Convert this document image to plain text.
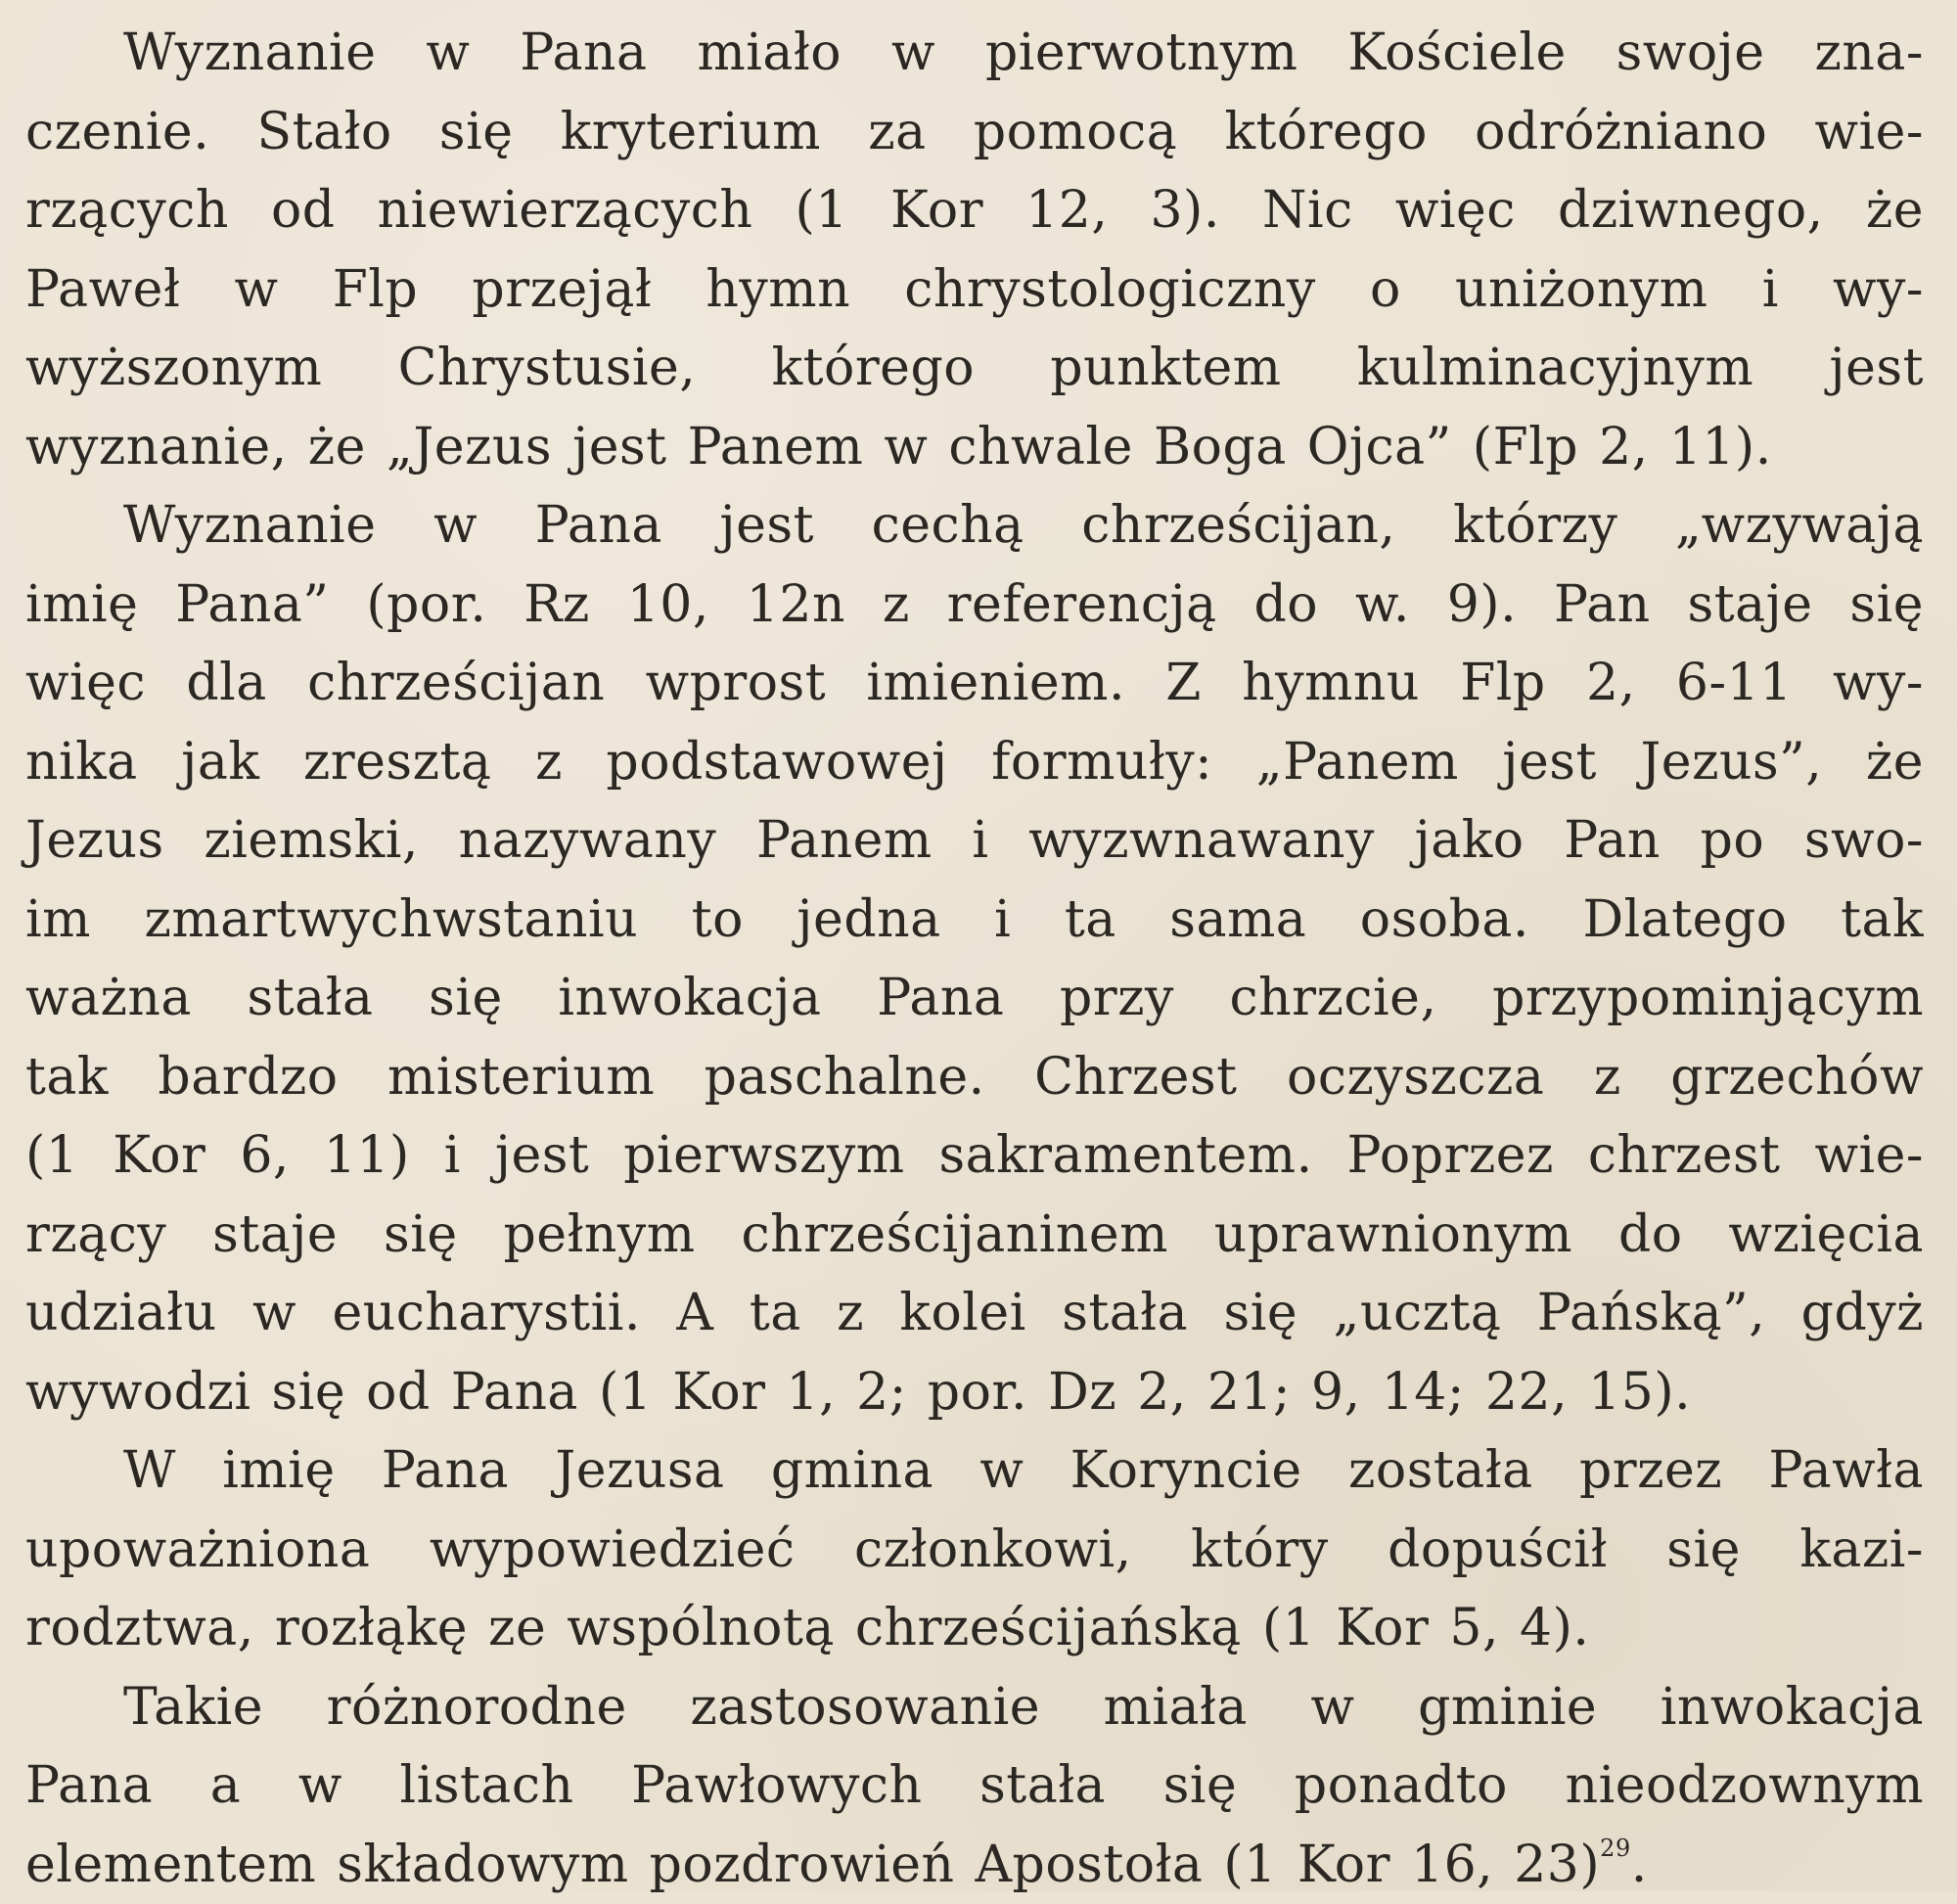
Wyznanie w Pana miało w pierwotnym Kościele swoje zna-
czenie. Stało się kryterium za pomocą którego odróżniano wie-
rzących od niewierzących (1 Kor 12, 3). Nic więc dziwnego, że
Paweł w Flp przejął hymn chrystologiczny o uniżonym i wy-
wyższonym Chrystusie, którego punktem kulminacyjnym jest
wyznanie, że „Jezus jest Panem w chwale Boga Ojca” (Flp 2, 11).
Wyznanie w Pana jest cechą chrześcijan, którzy „wzywają
imię Pana” (por. Rz 10, 12n z referencją do w. 9). Pan staje się
więc dla chrześcijan wprost imieniem. Z hymnu Flp 2, 6-11 wy-
nika jak zresztą z podstawowej formuły: „Panem jest Jezus”, że
Jezus ziemski, nazywany Panem i wyzwnawany jako Pan po swo-
im zmartwychwstaniu to jedna i ta sama osoba. Dlatego tak
ważna stała się inwokacja Pana przy chrzcie, przypominjącym
tak bardzo misterium paschalne. Chrzest oczyszcza z grzechów
(1 Kor 6, 11) i jest pierwszym sakramentem. Poprzez chrzest wie-
rzący staje się pełnym chrześcijaninem uprawnionym do wzięcia
udziału w eucharystii. A ta z kolei stała się „ucztą Pańską”, gdyż
wywodzi się od Pana (1 Kor 1, 2; por. Dz 2, 21; 9, 14; 22, 15).
W imię Pana Jezusa gmina w Koryncie została przez Pawła
upoważniona wypowiedzieć członkowi, który dopuścił się kazi-
rodztwa, rozłąkę ze wspólnotą chrześcijańską (1 Kor 5, 4).
Takie różnorodne zastosowanie miała w gminie inwokacja
Pana a w listach Pawłowych stała się ponadto nieodzownym
elementem składowym pozdrowień Apostoła (1 Kor 16, 23)$^{29}$.
